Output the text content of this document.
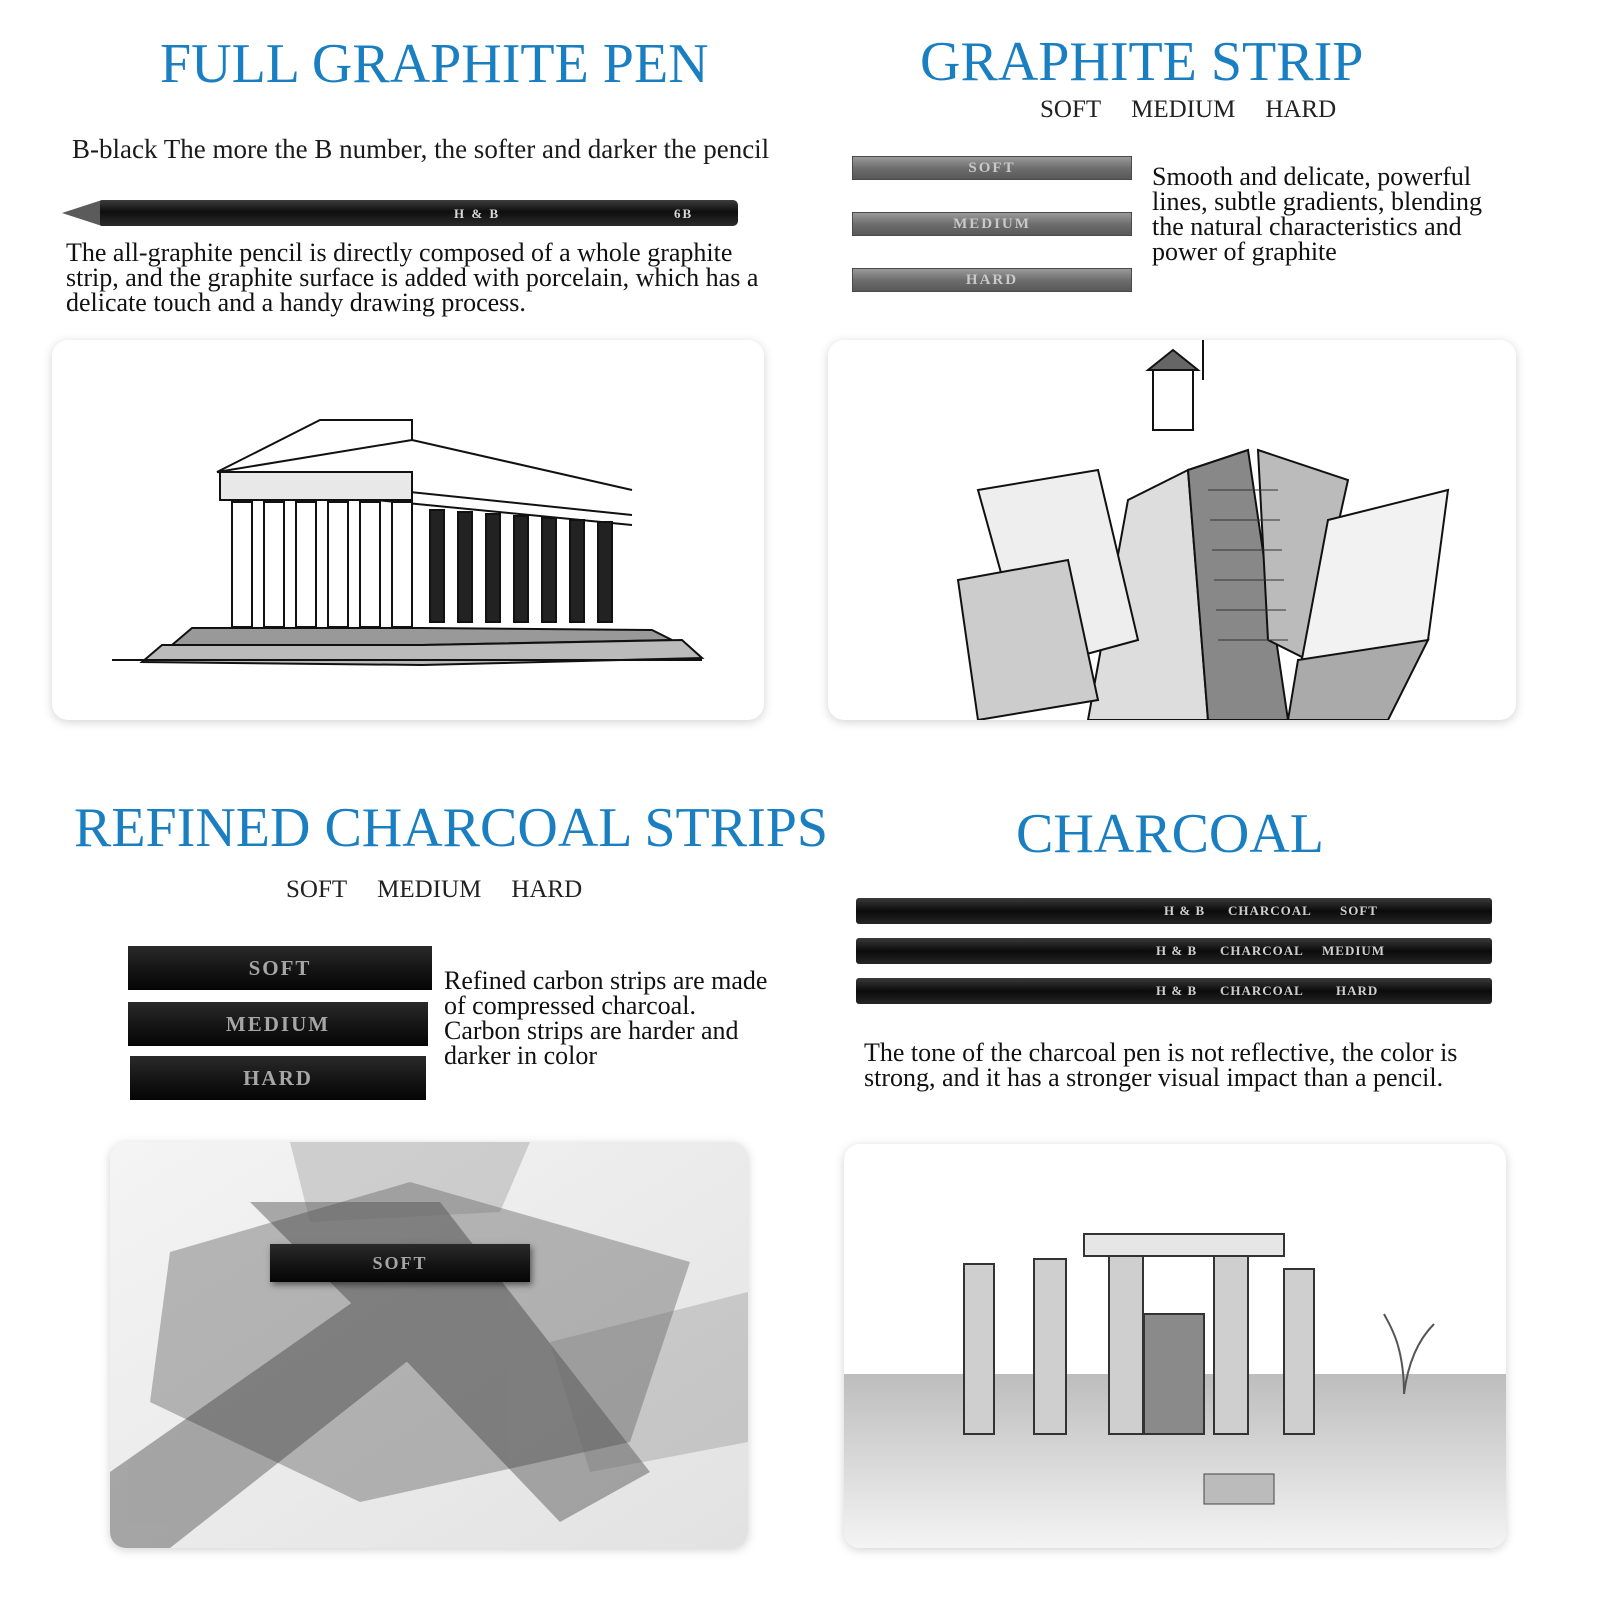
FULL GRAPHITE PEN
B-black The more the B number, the softer and darker the pencil
H & B	6B
The all-graphite pencil is directly composed of a whole graphite strip, and the graphite surface is added with porcelain, which has a delicate touch and a handy drawing process.
GRAPHITE STRIP
SOFT MEDIUM HARD
SOFT
MEDIUM
HARD
Smooth and delicate, powerful lines, subtle gradients, blending the natural characteristics and power of graphite
REFINED CHARCOAL STRIPS
SOFT MEDIUM HARD
SOFT
MEDIUM
HARD
Refined carbon strips are made of compressed charcoal. Carbon strips are harder and darker in color
SOFT
CHARCOAL
H & B CHARCOAL SOFT
H & B CHARCOAL MEDIUM
H & B CHARCOAL HARD
The tone of the charcoal pen is not reflective, the color is strong, and it has a stronger visual impact than a pencil.
